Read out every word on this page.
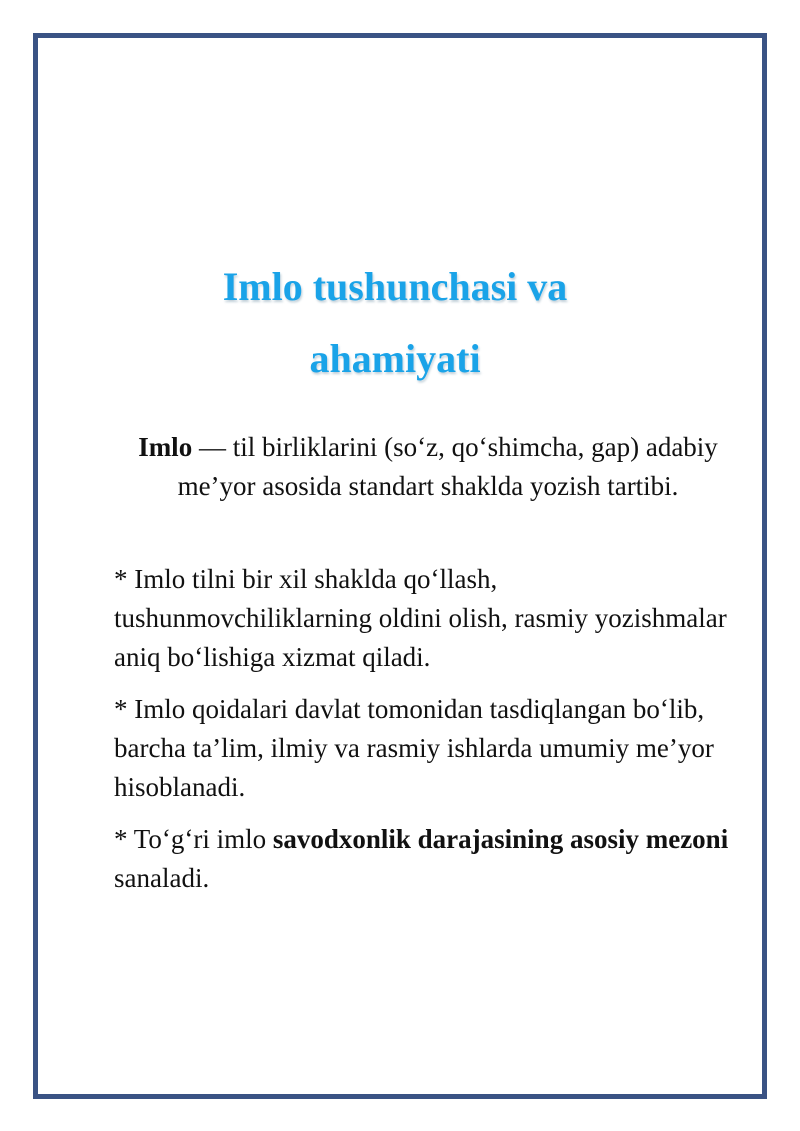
Imlo tushunchasi va
ahamiyati
Imlo — til birliklarini (so‘z, qo‘shimcha, gap) adabiy me’yor asosida standart shaklda yozish tartibi.
* Imlo tilni bir xil shaklda qo‘llash, tushunmovchiliklarning oldini olish, rasmiy yozishmalar aniq bo‘lishiga xizmat qiladi.
* Imlo qoidalari davlat tomonidan tasdiqlangan bo‘lib, barcha ta’lim, ilmiy va rasmiy ishlarda umumiy me’yor hisoblanadi.
* To‘g‘ri imlo savodxonlik darajasining asosiy mezoni sanaladi.
